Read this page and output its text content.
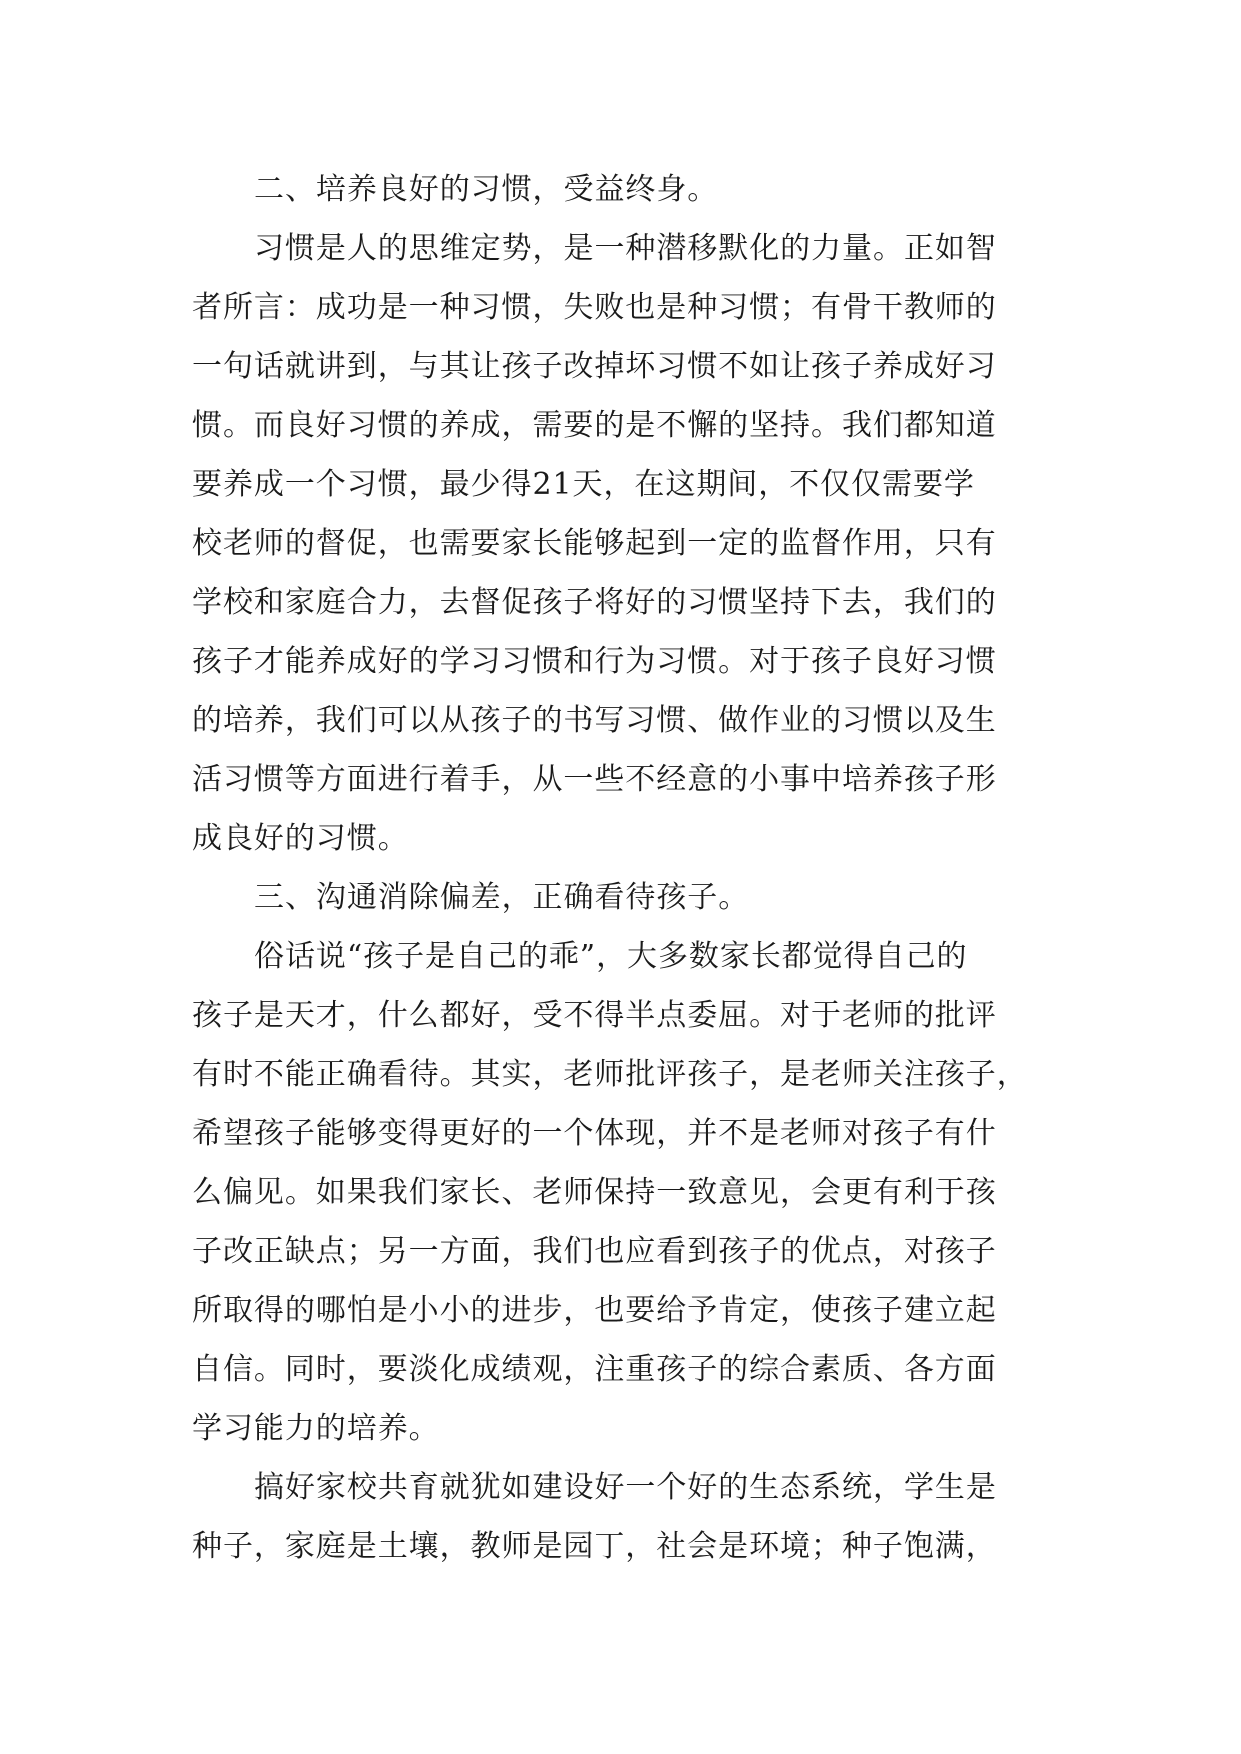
二、培养良好的习惯，受益终身。
习惯是人的思维定势，是一种潜移默化的力量。正如智
者所言：成功是一种习惯，失败也是种习惯；有骨干教师的
一句话就讲到，与其让孩子改掉坏习惯不如让孩子养成好习
惯。而良好习惯的养成，需要的是不懈的坚持。我们都知道
要养成一个习惯，最少得21天，在这期间，不仅仅需要学
校老师的督促，也需要家长能够起到一定的监督作用，只有
学校和家庭合力，去督促孩子将好的习惯坚持下去，我们的
孩子才能养成好的学习习惯和行为习惯。对于孩子良好习惯
的培养，我们可以从孩子的书写习惯、做作业的习惯以及生
活习惯等方面进行着手，从一些不经意的小事中培养孩子形
成良好的习惯。
三、沟通消除偏差，正确看待孩子。
俗话说“孩子是自己的乖”，大多数家长都觉得自己的
孩子是天才，什么都好，受不得半点委屈。对于老师的批评
有时不能正确看待。其实，老师批评孩子，是老师关注孩子，
希望孩子能够变得更好的一个体现，并不是老师对孩子有什
么偏见。如果我们家长、老师保持一致意见，会更有利于孩
子改正缺点；另一方面，我们也应看到孩子的优点，对孩子
所取得的哪怕是小小的进步，也要给予肯定，使孩子建立起
自信。同时，要淡化成绩观，注重孩子的综合素质、各方面
学习能力的培养。
搞好家校共育就犹如建设好一个好的生态系统，学生是
种子，家庭是土壤，教师是园丁，社会是环境；种子饱满，
